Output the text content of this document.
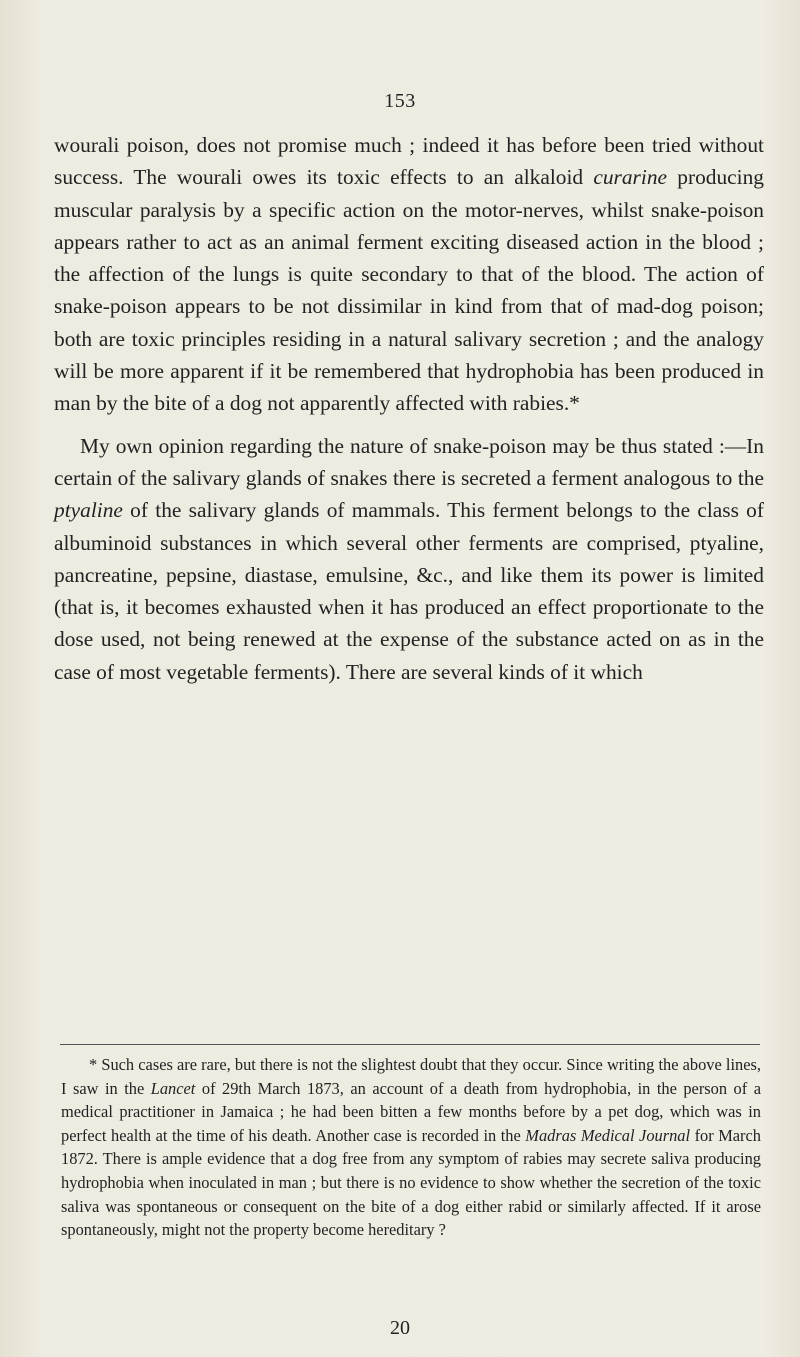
153

wourali poison, does not promise much ; indeed it has before been tried without success. The wourali owes its toxic effects to an alkaloid curarine producing muscular paralysis by a specific action on the motor-nerves, whilst snake-poison appears rather to act as an animal ferment exciting diseased action in the blood ; the affection of the lungs is quite secondary to that of the blood. The action of snake-poison appears to be not dissimilar in kind from that of mad-dog poison; both are toxic principles residing in a natural salivary secretion ; and the analogy will be more apparent if it be remembered that hydrophobia has been produced in man by the bite of a dog not apparently affected with rabies.*

My own opinion regarding the nature of snake-poison may be thus stated :—In certain of the salivary glands of snakes there is secreted a ferment analogous to the ptyaline of the salivary glands of mammals. This ferment belongs to the class of albuminoid substances in which several other ferments are comprised, ptyaline, pancreatine, pepsine, diastase, emulsine, &c., and like them its power is limited (that is, it becomes exhausted when it has produced an effect proportionate to the dose used, not being renewed at the expense of the substance acted on as in the case of most vegetable ferments). There are several kinds of it which

* Such cases are rare, but there is not the slightest doubt that they occur. Since writing the above lines, I saw in the Lancet of 29th March 1873, an account of a death from hydrophobia, in the person of a medical practitioner in Jamaica ; he had been bitten a few months before by a pet dog, which was in perfect health at the time of his death. Another case is recorded in the Madras Medical Journal for March 1872. There is ample evidence that a dog free from any symptom of rabies may secrete saliva producing hydrophobia when inoculated in man ; but there is no evidence to show whether the secretion of the toxic saliva was spontaneous or consequent on the bite of a dog either rabid or similarly affected. If it arose spontaneously, might not the property become hereditary ?
20
